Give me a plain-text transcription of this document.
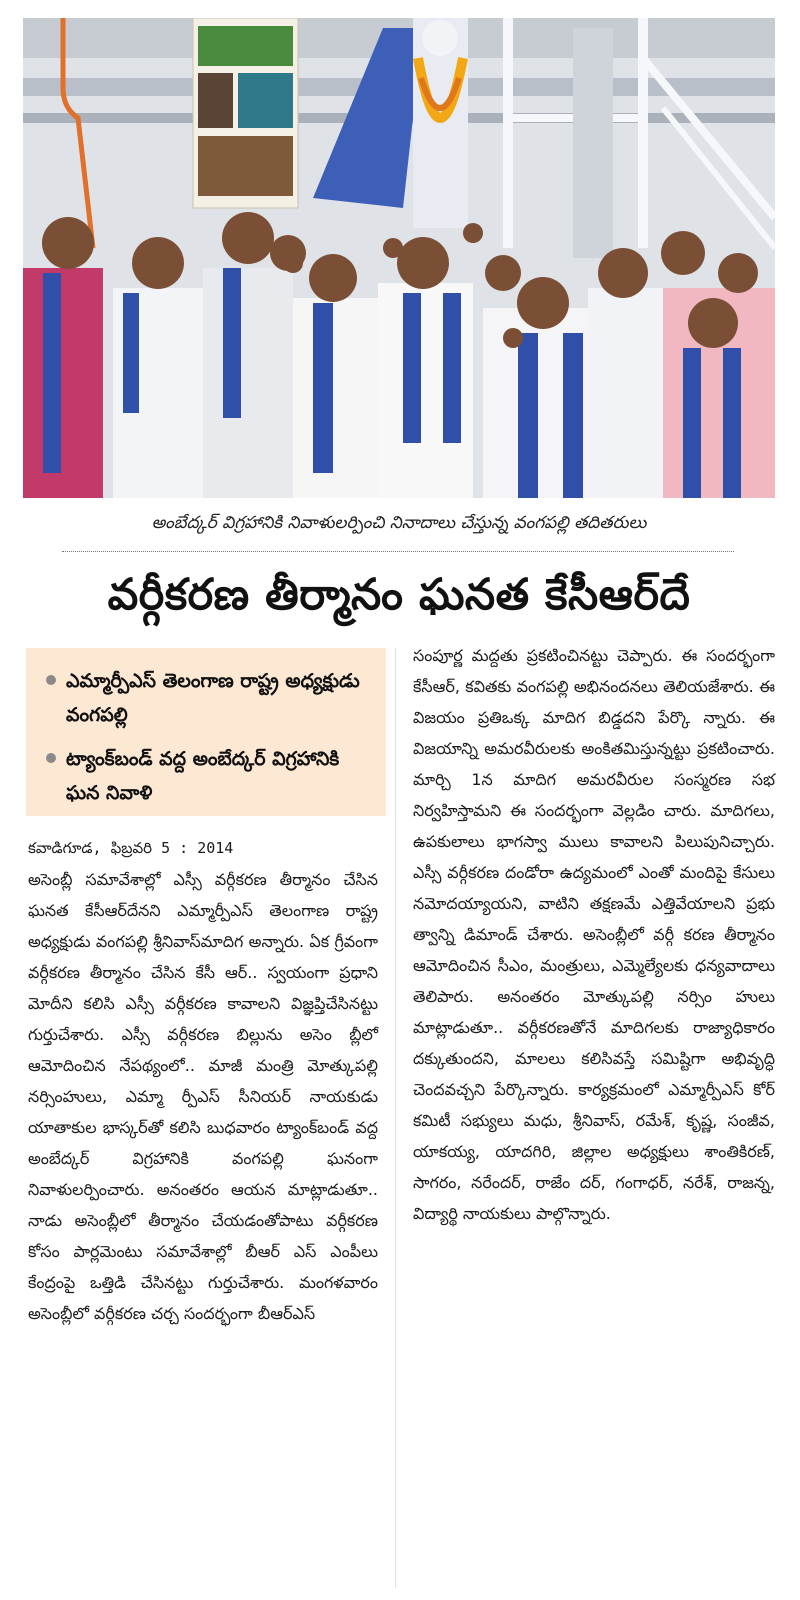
అంబేద్కర్ విగ్రహానికి నివాళులర్పించి నినాదాలు చేస్తున్న వంగపల్లి తదితరులు
వర్గీకరణ తీర్మానం ఘనత కేసీఆర్‌దే
ఎమ్మార్పీఎస్ తెలంగాణ రాష్ట్ర అధ్యక్షుడు వంగపల్లి
ట్యాంక్‌బండ్ వద్ద అంబేద్కర్ విగ్రహానికి ఘన నివాళి

కవాడిగూడ, ఫిబ్రవరి 5 : 2014

అసెంబ్లీ సమావేశాల్లో ఎస్సీ వర్గీకరణ తీర్మానం చేసిన ఘనత కేసీఆర్‌దేనని ఎమ్మార్పీఎస్ తెలంగాణ రాష్ట్ర అధ్యక్షుడు వంగపల్లి శ్రీనివాస్‌మాదిగ అన్నారు. ఏక గ్రీవంగా వర్గీకరణ తీర్మానం చేసిన కేసీ ఆర్.. స్వయంగా ప్రధాని మోదీని కలిసి ఎస్సీ వర్గీకరణ కావాలని విజ్ఞప్తిచేసినట్టు గుర్తుచేశారు. ఎస్సీ వర్గీకరణ బిల్లును అసెం బ్లీలో ఆమోదించిన నేపథ్యంలో.. మాజీ మంత్రి మోత్కుపల్లి నర్సింహులు, ఎమ్మా ర్పీఎస్ సీనియర్ నాయకుడు యాతాకుల భాస్కర్‌తో కలిసి బుధవారం ట్యాంక్‌బండ్ వద్ద అంబేద్కర్ విగ్రహానికి వంగపల్లి ఘనంగా నివాళులర్పించారు. అనంతరం ఆయన మాట్లాడుతూ.. నాడు అసెంబ్లీలో తీర్మానం చేయడంతోపాటు వర్గీకరణ కోసం పార్లమెంటు సమావేశాల్లో బీఆర్ ఎస్ ఎంపీలు కేంద్రంపై ఒత్తిడి చేసినట్టు గుర్తుచేశారు. మంగళవారం అసెంబ్లీలో వర్గీకరణ చర్చ సందర్భంగా బీఆర్‌ఎస్

సంపూర్ణ మద్దతు ప్రకటించినట్టు చెప్పారు. ఈ సందర్భంగా కేసీఆర్, కవితకు వంగపల్లి అభినందనలు తెలియజేశారు. ఈ విజయం ప్రతిఒక్క మాదిగ బిడ్డదని పేర్కొ న్నారు. ఈ విజయాన్ని అమరవీరులకు అంకితమిస్తున్నట్టు ప్రకటించారు. మార్చి 1న మాదిగ అమరవీరుల సంస్మరణ సభ నిర్వహిస్తామని ఈ సందర్భంగా వెల్లడిం చారు. మాదిగలు, ఉపకులాలు భాగస్వా ములు కావాలని పిలుపునిచ్చారు. ఎస్సీ వర్గీకరణ దండోరా ఉద్యమంలో ఎంతో మందిపై కేసులు నమోదయ్యాయని, వాటిని తక్షణమే ఎత్తివేయాలని ప్రభు త్వాన్ని డిమాండ్ చేశారు. అసెంబ్లీలో వర్గీ కరణ తీర్మానం ఆమోదించిన సీఎం, మంత్రులు, ఎమ్మెల్యేలకు ధన్యవాదాలు తెలిపారు. అనంతరం మోత్కుపల్లి నర్సిం హులు మాట్లాడుతూ.. వర్గీకరణతోనే మాదిగలకు రాజ్యాధికారం దక్కుతుందని, మాలలు కలిసివస్తే సమిష్టిగా అభివృద్ధి చెందవచ్చని పేర్కొన్నారు. కార్యక్రమంలో ఎమ్మార్పీఎస్ కోర్ కమిటీ సభ్యులు మధు, శ్రీనివాస్, రమేశ్, కృష్ణ, సంజీవ, యాకయ్య, యాదగిరి, జిల్లాల అధ్యక్షులు శాంతికిరణ్, సాగరం, నరేందర్, రాజేం దర్, గంగాధర్, నరేశ్, రాజన్న, విద్యార్థి నాయకులు పాల్గొన్నారు.
